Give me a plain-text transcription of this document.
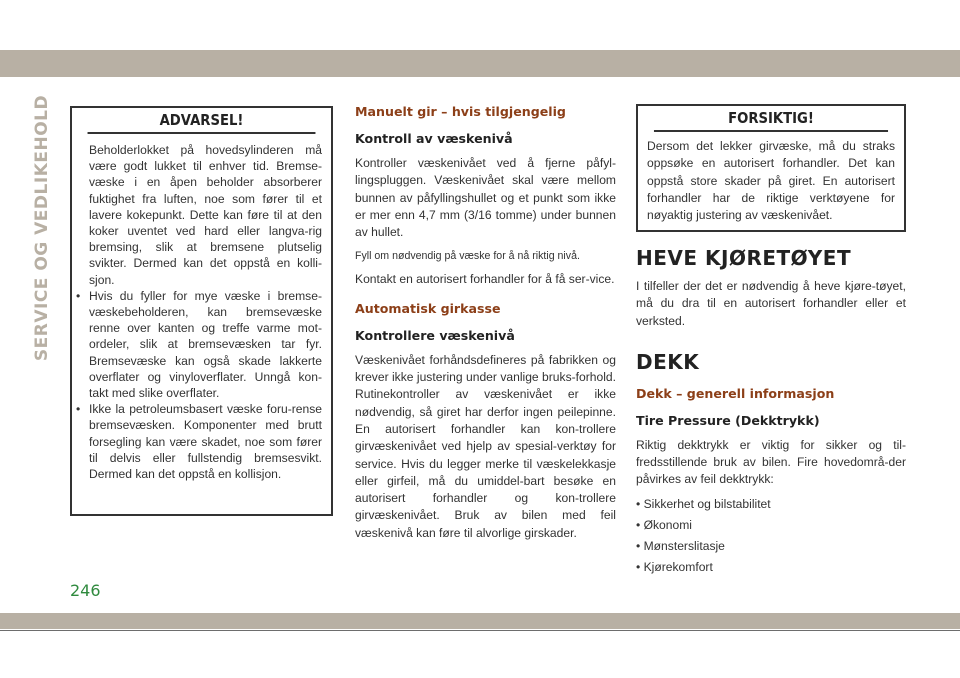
SERVICE OG VEDLIKEHOLD	ADVARSEL!

Beholderlokket på hovedsylinderen må være godt lukket til enhver tid. Bremse-væske i en åpen beholder absorberer fuktighet fra luften, noe som fører til et lavere kokepunkt. Dette kan føre til at den koker uventet ved hard eller langva-rig bremsing, slik at bremsene plutselig svikter. Dermed kan det oppstå en kolli-sjon.

• Hvis du fyller for mye væske i bremse-væskebeholderen, kan bremsevæske renne over kanten og treffe varme mot-ordeler, slik at bremsevæsken tar fyr. Bremsevæske kan også skade lakkerte overflater og vinyloverflater. Unngå kon-takt med slike overflater.
• Ikke la petroleumsbasert væske foru-rense bremsevæsken. Komponenter med brutt forsegling kan være skadet, noe som fører til delvis eller fullstendig bremsesvikt. Dermed kan det oppstå en kollisjon.

Manuelt gir – hvis tilgjengelig

Kontroll av væskenivå

Kontroller væskenivået ved å fjerne påfyl-lingspluggen. Væskenivået skal være mellom bunnen av påfyllingshullet og et punkt som ikke er mer enn 4,7 mm (3/16 tomme) under bunnen av hullet.

Fyll om nødvendig på væske for å nå riktig nivå.

Kontakt en autorisert forhandler for å få ser-vice.

Automatisk girkasse

Kontrollere væskenivå

Væskenivået forhåndsdefineres på fabrikken og krever ikke justering under vanlige bruks-forhold. Rutinekontroller av væskenivået er ikke nødvendig, så giret har derfor ingen peilepinne. En autorisert forhandler kan kon-trollere girvæskenivået ved hjelp av spesial-verktøy for service. Hvis du legger merke til væskelekkasje eller girfeil, må du umiddel-bart besøke en autorisert forhandler og kon-trollere girvæskenivået. Bruk av bilen med feil væskenivå kan føre til alvorlige girskader.

FORSIKTIG!

Dersom det lekker girvæske, må du straks oppsøke en autorisert forhandler. Det kan oppstå store skader på giret. En autorisert forhandler har de riktige verktøyene for nøyaktig justering av væskenivået.

HEVE KJØRETØYET

I tilfeller der det er nødvendig å heve kjøre-tøyet, må du dra til en autorisert forhandler eller et verksted.

DEKK

Dekk – generell informasjon

Tire Pressure (Dekktrykk)

Riktig dekktrykk er viktig for sikker og til-fredsstillende bruk av bilen. Fire hovedområ-der påvirkes av feil dekktrykk:

• Sikkerhet og bilstabilitet

• Økonomi

• Mønsterslitasje

• Kjørekomfort

246
